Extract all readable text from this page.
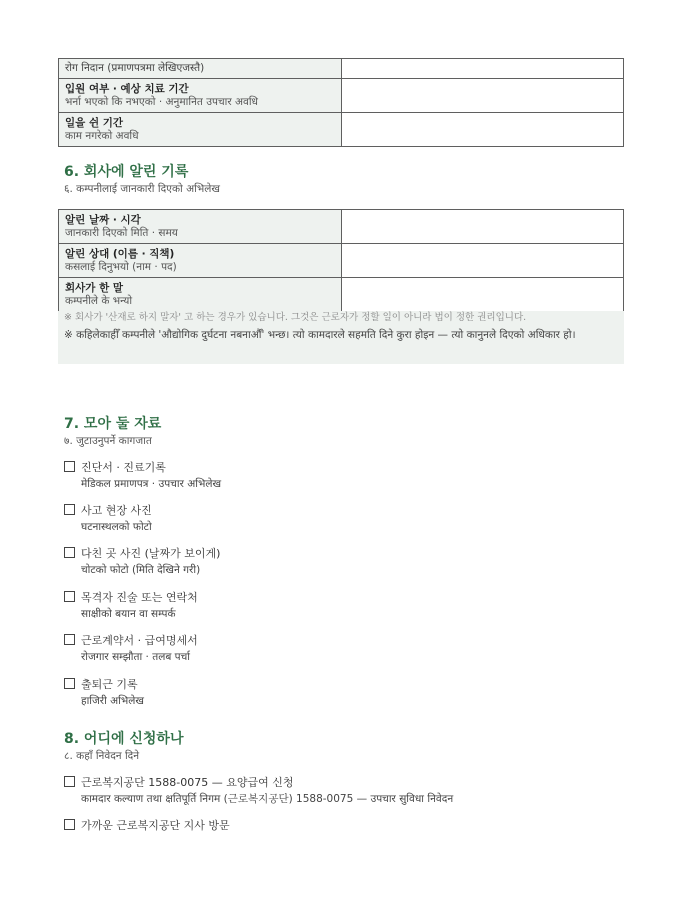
रोग निदान (प्रमाणपत्रमा लेखिएजस्तै)	

입원 여부 · 예상 치료 기간
भर्ना भएको कि नभएको · अनुमानित उपचार अवधि	

일을 쉰 기간
काम नगरेको अवधि	

6. 회사에 알린 기록
६. कम्पनीलाई जानकारी दिएको अभिलेख
알린 날짜 · 시각
जानकारी दिएको मिति · समय	

알린 상대 (이름 · 직책)
कसलाई दिनुभयो (नाम · पद)	

회사가 한 말
कम्पनीले के भन्यो	

※ 회사가 '산재로 하지 말자' 고 하는 경우가 있습니다. 그것은 근로자가 정할 일이 아니라 법이 정한 권리입니다.
※ कहिलेकाहीँ कम्पनीले 'औद्योगिक दुर्घटना नबनाऔँ' भन्छ। त्यो कामदारले सहमति दिने कुरा होइन — त्यो कानुनले दिएको अधिकार हो।
7. 모아 둘 자료
७. जुटाउनुपर्ने कागजात
진단서 · 진료기록
मेडिकल प्रमाणपत्र · उपचार अभिलेख
사고 현장 사진
घटनास्थलको फोटो
다친 곳 사진 (날짜가 보이게)
चोटको फोटो (मिति देखिने गरी)
목격자 진술 또는 연락처
साक्षीको बयान वा सम्पर्क
근로계약서 · 급여명세서
रोजगार सम्झौता · तलब पर्चा
출퇴근 기록
हाजिरी अभिलेख
8. 어디에 신청하나
८. कहाँ निवेदन दिने
근로복지공단 1588-0075 — 요양급여 신청
कामदार कल्याण तथा क्षतिपूर्ति निगम (근로복지공단) 1588-0075 — उपचार सुविधा निवेदन
가까운 근로복지공단 지사 방문
